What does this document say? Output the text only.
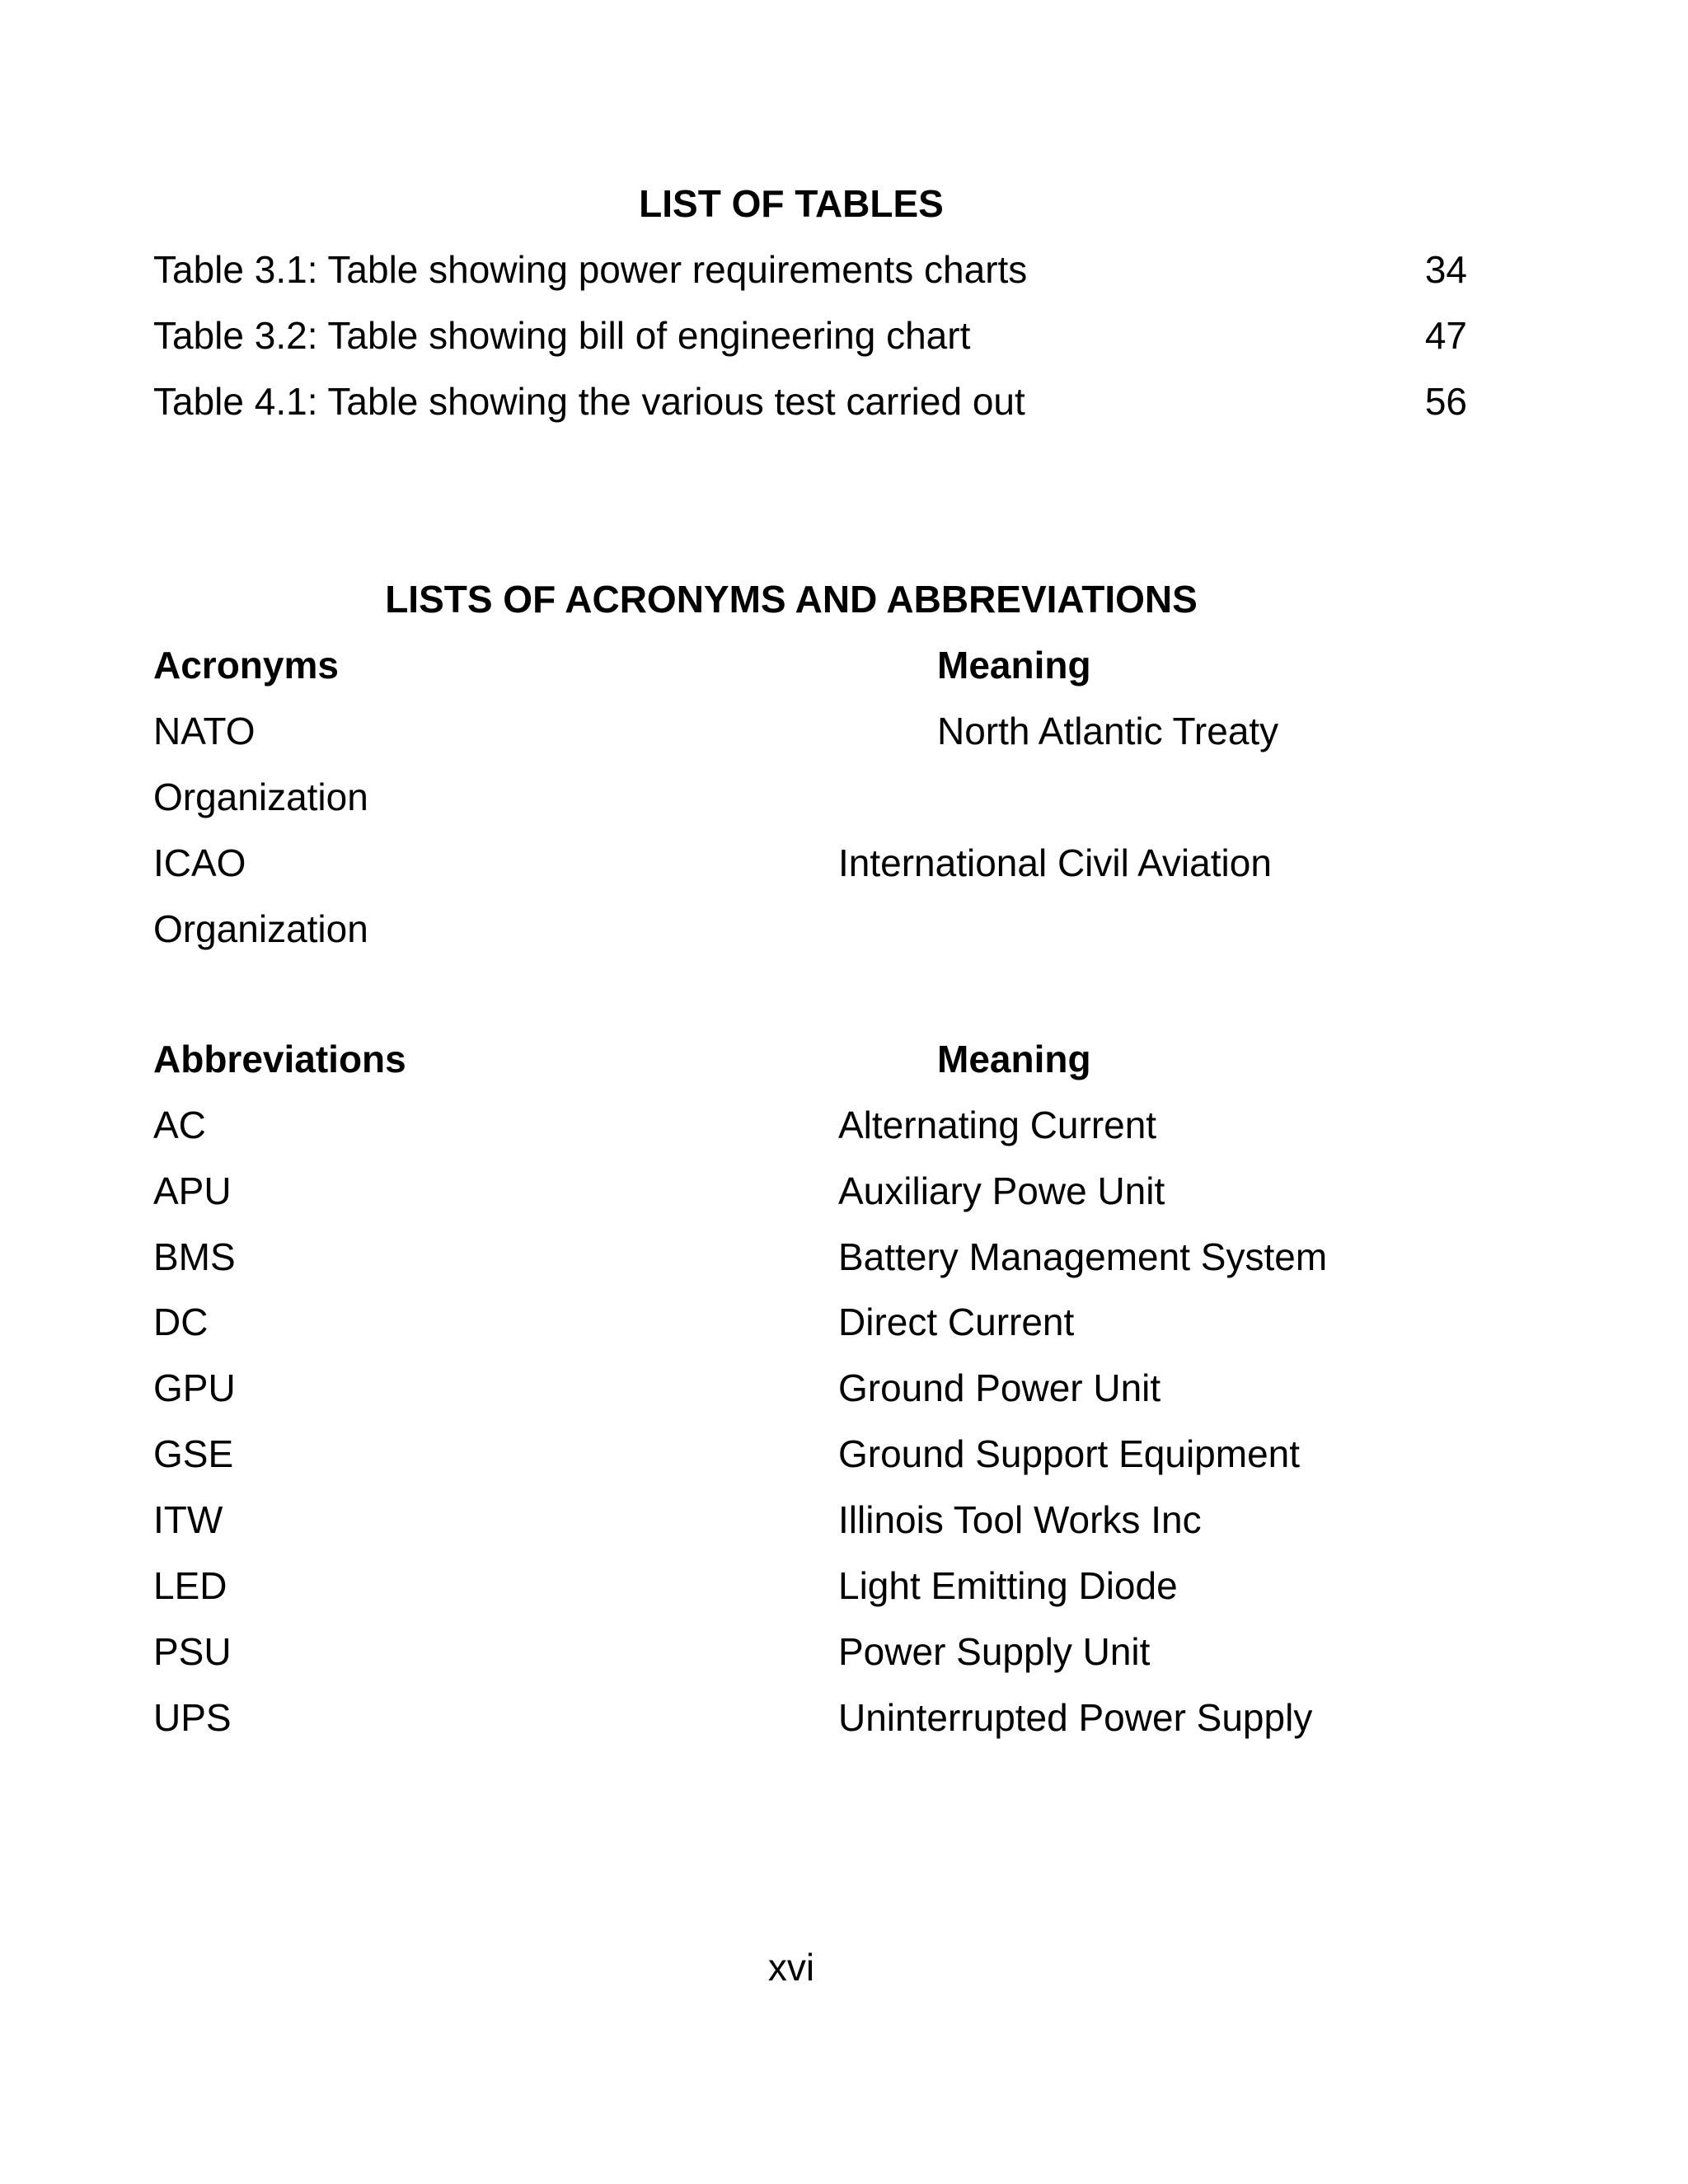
LIST OF TABLES
Table 3.1: Table showing power requirements charts	34
Table 3.2: Table showing bill of engineering chart	47
Table 4.1: Table showing the various test carried out	56
LISTS OF ACRONYMS AND ABBREVIATIONS
Acronyms	Meaning
NATO	North Atlantic Treaty
Organization
ICAO	International Civil Aviation
Organization
Abbreviations	Meaning
AC	Alternating Current
APU	Auxiliary Powe Unit
BMS	Battery Management System
DC	Direct Current
GPU	Ground Power Unit
GSE	Ground Support Equipment
ITW	Illinois Tool Works Inc
LED	Light Emitting Diode
PSU	Power Supply Unit
UPS	Uninterrupted Power Supply
xvi
